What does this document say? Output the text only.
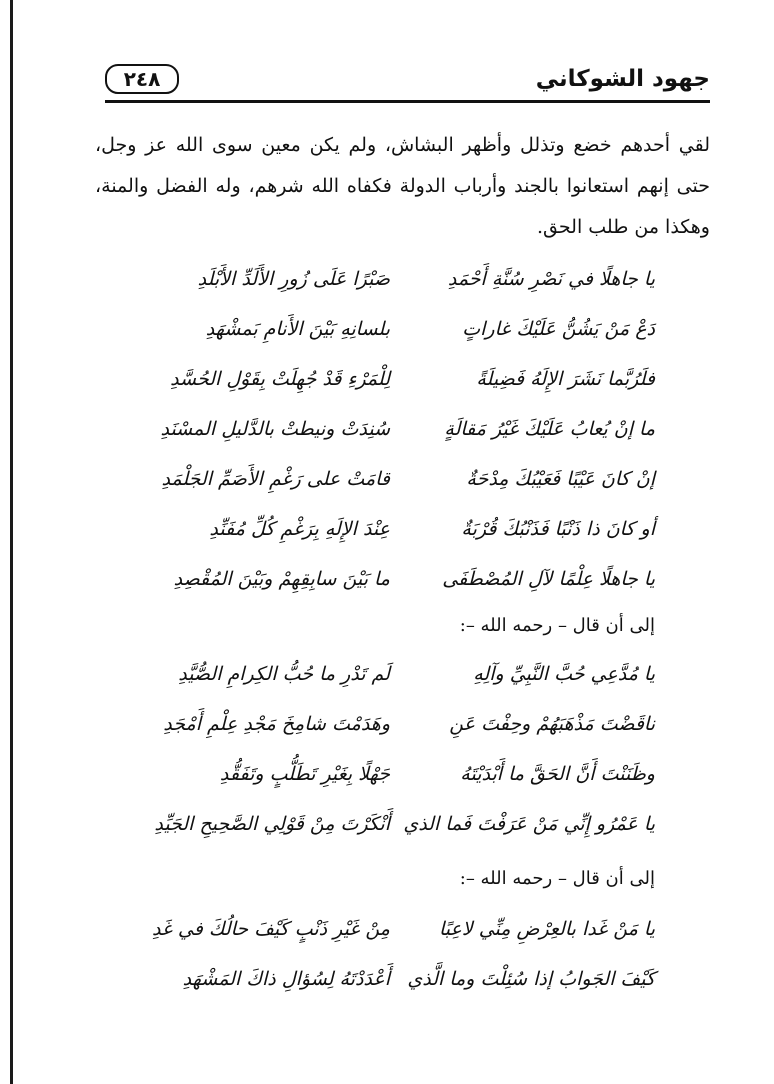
جهود الشوكاني
٢٤٨
لقي أحدهم خضع وتذلل وأظهر البشاش، ولم يكن معين سوى الله عز وجل، حتى إنهم استعانوا بالجند وأرباب الدولة فكفاه الله شرهم، وله الفضل والمنة، وهكذا من طلب الحق.
يا جاهلًا في نَصْرِ سُنَّةِ أَحْمَدِ
صَبْرًا عَلَى زُورِ الأَلَدِّ الأَبْلَدِ
دَعْ مَنْ يَشُنُّ عَلَيْكَ غاراتٍ
بلسانِهِ بَيْنَ الأَنامِ بَمشْهَدِ
فلَرُبَّما نَشَرَ الإِلَهُ فَضِيلَةً
لِلْمَرْءِ قَدْ جُهِلَتْ بِقَوْلِ الحُسَّدِ
ما إنْ يُعابُ عَلَيْكَ غَيْرُ مَقالَةٍ
سُنِدَتْ ونيطتْ بالدَّليلِ المسْنَدِ
إنْ كانَ عَيْبًا فَعَيْبُكَ مِدْحَةٌ
قامَتْ على رَغْمِ الأَصَمِّ الجَلْمَدِ
أو كانَ ذا ذَنْبًا فَذَنْبُكَ قُرْبَةٌ
عِنْدَ الإِلَهِ بِرَغْمِ كُلِّ مُفَنِّدِ
يا جاهلًا عِلْمًا لآلِ المُصْطَفَى
ما بَيْنَ سابِقِهِمْ وبَيْنَ المُقْصِدِ
إلى أن قال – رحمه الله –:
يا مُدَّعِي حُبَّ النَّبِيِّ وآلِهِ
لَم تَدْرِ ما حُبُّ الكِرامِ الصُّيَّدِ
ناقَضْتَ مَذْهَبَهُمْ وحِفْتَ عَنِ
وهَدَمْتَ شامِخَ مَجْدِ عِلْمِ أَمْجَدِ
وظَنَنْتَ أَنَّ الحَقَّ ما أَبْدَيْتَهُ
جَهْلًا بِغَيْرِ تَطَلُّبٍ وتَفَقُّدِ
يا عَمْرُو إِنِّي مَنْ عَرَفْتَ فَما الذي
أَنْكَرْتَ مِنْ قَوْلِي الصَّحِيحِ الجَيِّدِ
إلى أن قال – رحمه الله –:
يا مَنْ غَدا بالعِرْضِ مِنِّي لاعِبًا
مِنْ غَيْرِ ذَنْبٍ كَيْفَ حالُكَ في غَدِ
كَيْفَ الجَوابُ إذا سُئِلْتَ وما الَّذي
أَعْدَدْتَهُ لِسُؤالِ ذاكَ المَشْهَدِ
